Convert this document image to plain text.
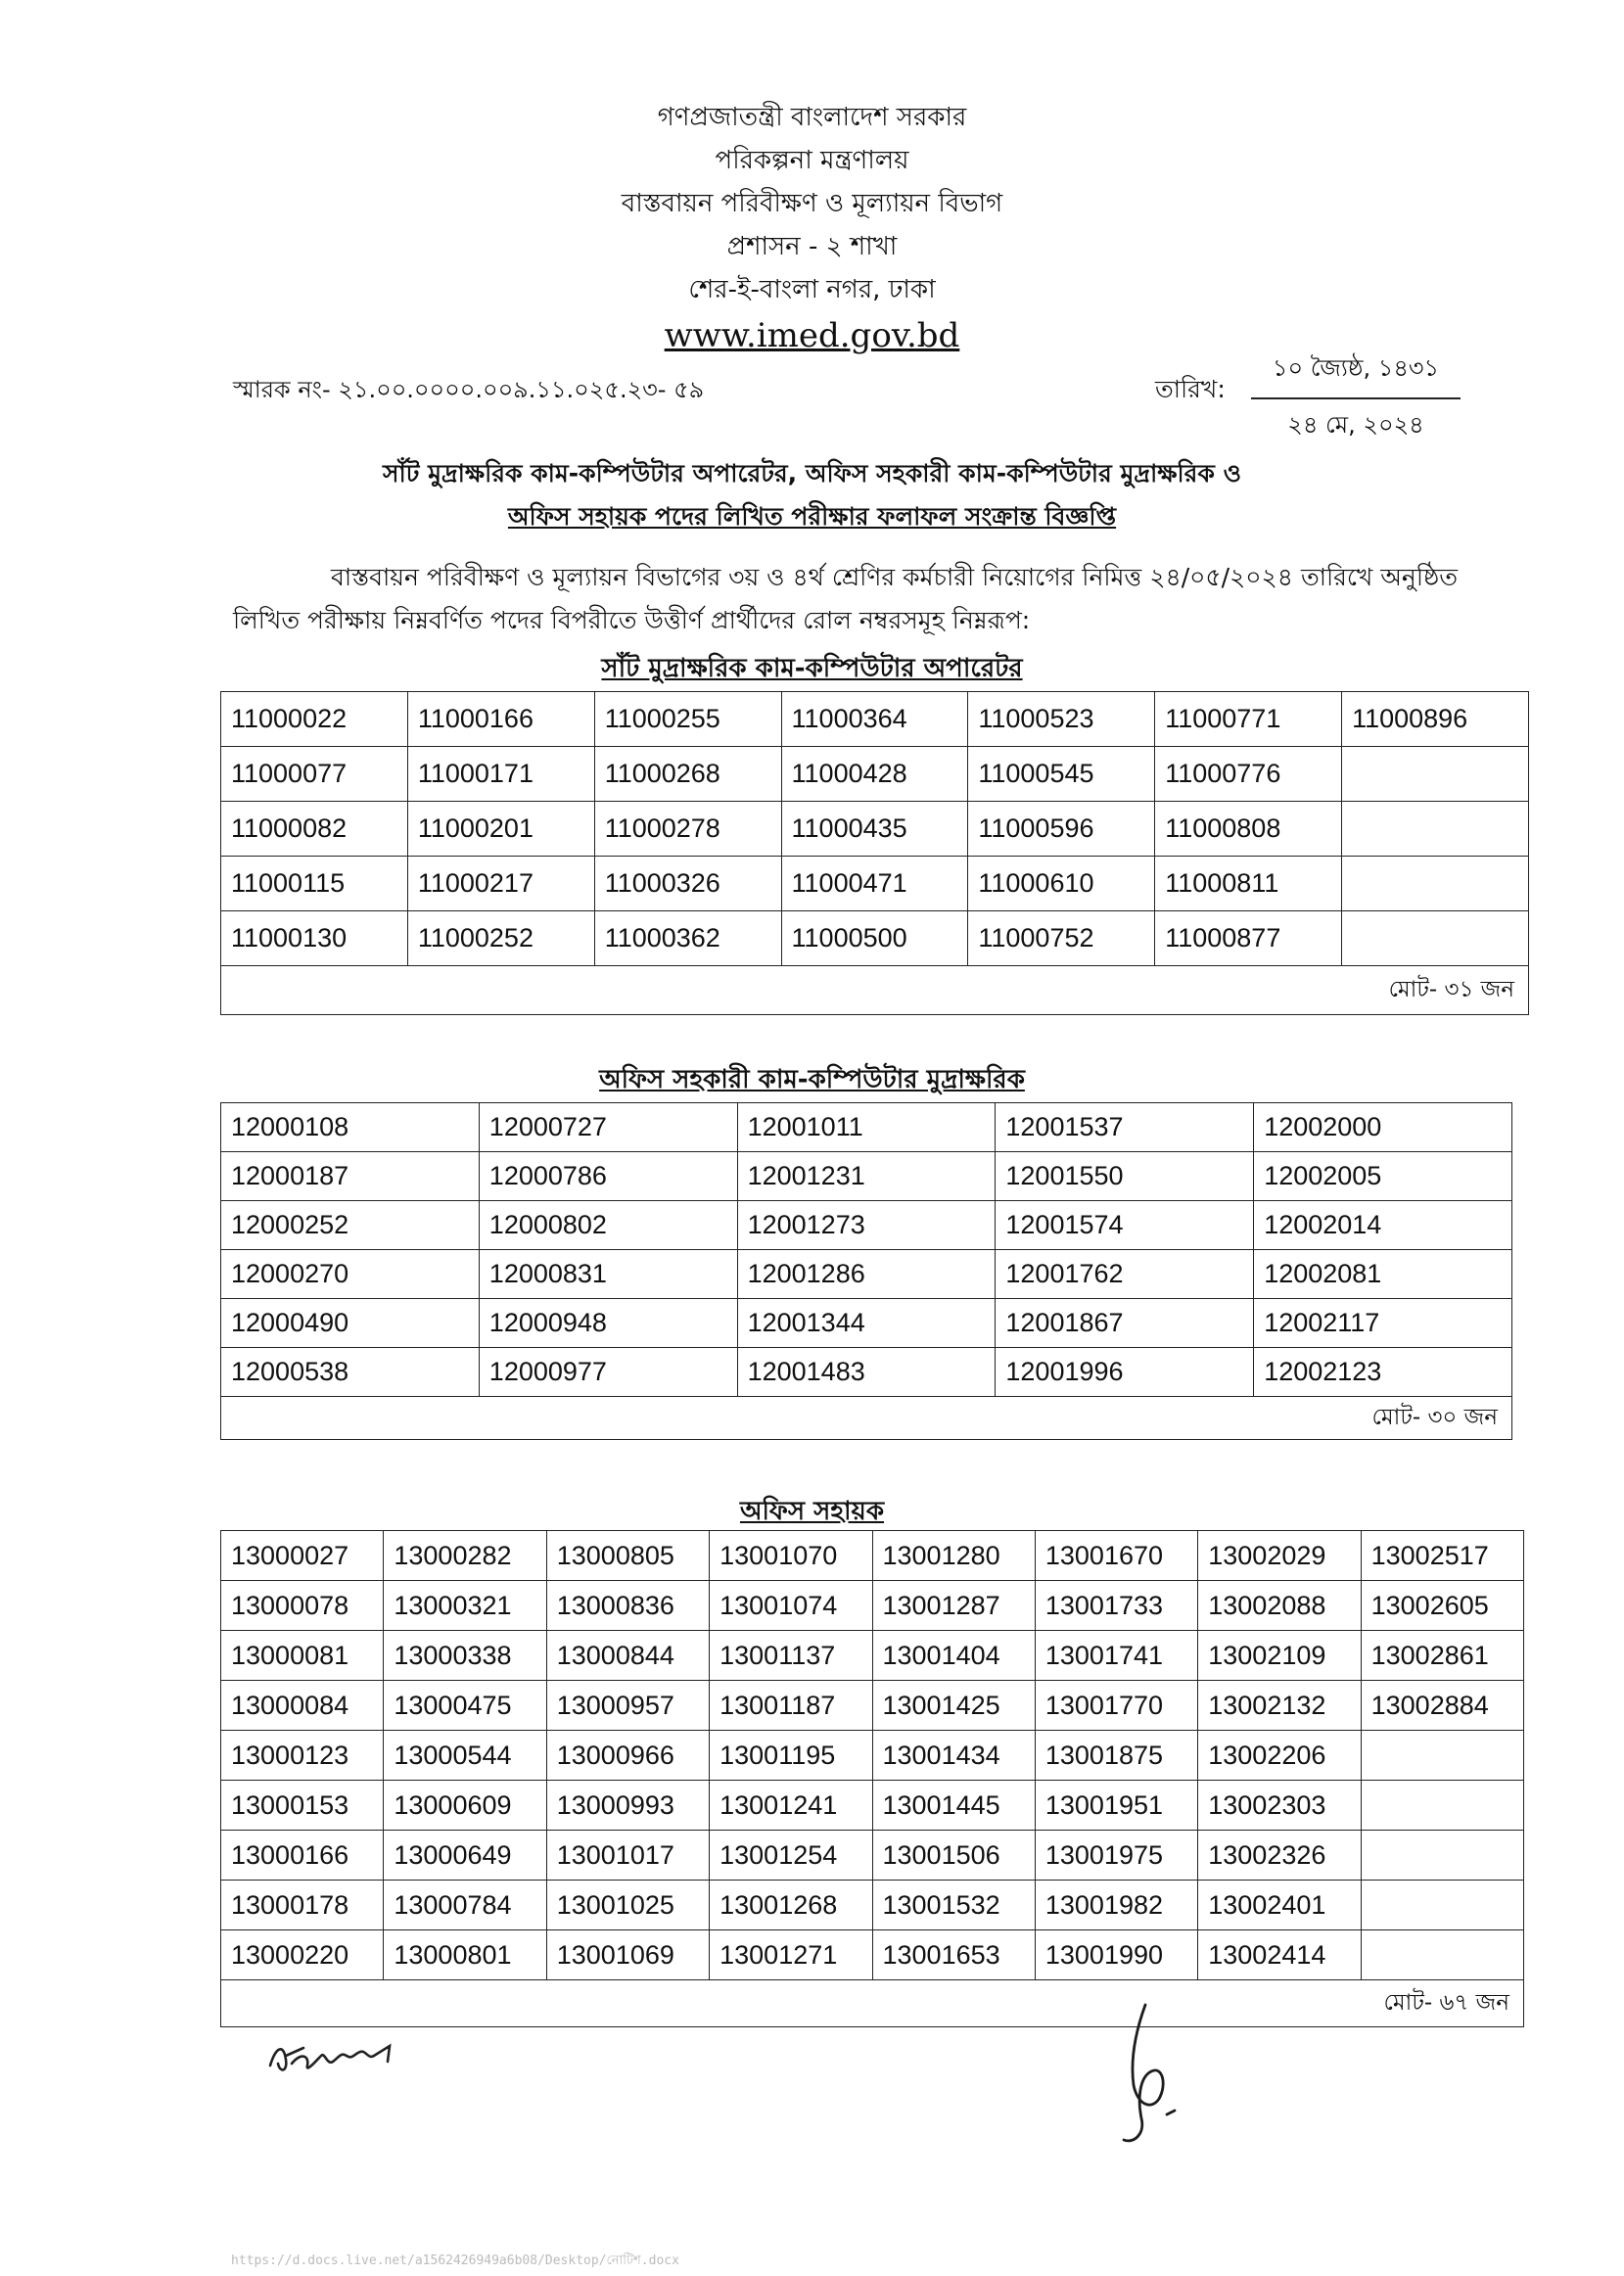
গণপ্রজাতন্ত্রী বাংলাদেশ সরকার
পরিকল্পনা মন্ত্রণালয়
বাস্তবায়ন পরিবীক্ষণ ও মূল্যায়ন বিভাগ
প্রশাসন - ২ শাখা
শের-ই-বাংলা নগর, ঢাকা
www.imed.gov.bd
স্মারক নং- ২১.০০.০০০০.০০৯.১১.০২৫.২৩- ৫৯	তারিখ:
১০ জ্যৈষ্ঠ, ১৪৩১
২৪ মে, ২০২৪
সাঁট মুদ্রাক্ষরিক কাম-কম্পিউটার অপারেটর, অফিস সহকারী কাম-কম্পিউটার মুদ্রাক্ষরিক ও
অফিস সহায়ক পদের লিখিত পরীক্ষার ফলাফল সংক্রান্ত বিজ্ঞপ্তি
বাস্তবায়ন পরিবীক্ষণ ও মূল্যায়ন বিভাগের ৩য় ও ৪র্থ শ্রেণির কর্মচারী নিয়োগের নিমিত্ত ২৪/০৫/২০২৪ তারিখে অনুষ্ঠিত লিখিত পরীক্ষায় নিম্নবর্ণিত পদের বিপরীতে উত্তীর্ণ প্রার্থীদের রোল নম্বরসমূহ নিম্নরূপ:
সাঁট মুদ্রাক্ষরিক কাম-কম্পিউটার অপারেটর
11000022	11000166	11000255	11000364	11000523	11000771	11000896
11000077	11000171	11000268	11000428	11000545	11000776	
11000082	11000201	11000278	11000435	11000596	11000808	
11000115	11000217	11000326	11000471	11000610	11000811	
11000130	11000252	11000362	11000500	11000752	11000877	
মোট- ৩১ জন						
অফিস সহকারী কাম-কম্পিউটার মুদ্রাক্ষরিক
12000108	12000727	12001011	12001537	12002000
12000187	12000786	12001231	12001550	12002005
12000252	12000802	12001273	12001574	12002014
12000270	12000831	12001286	12001762	12002081
12000490	12000948	12001344	12001867	12002117
12000538	12000977	12001483	12001996	12002123
মোট- ৩০ জন				
অফিস সহায়ক
13000027	13000282	13000805	13001070	13001280	13001670	13002029	13002517
13000078	13000321	13000836	13001074	13001287	13001733	13002088	13002605
13000081	13000338	13000844	13001137	13001404	13001741	13002109	13002861
13000084	13000475	13000957	13001187	13001425	13001770	13002132	13002884
13000123	13000544	13000966	13001195	13001434	13001875	13002206	
13000153	13000609	13000993	13001241	13001445	13001951	13002303	
13000166	13000649	13001017	13001254	13001506	13001975	13002326	
13000178	13000784	13001025	13001268	13001532	13001982	13002401	
13000220	13000801	13001069	13001271	13001653	13001990	13002414	
মোট- ৬৭ জন							
https://d.docs.live.net/a1562426949a6b08/Desktop/নোটিশ.docx
